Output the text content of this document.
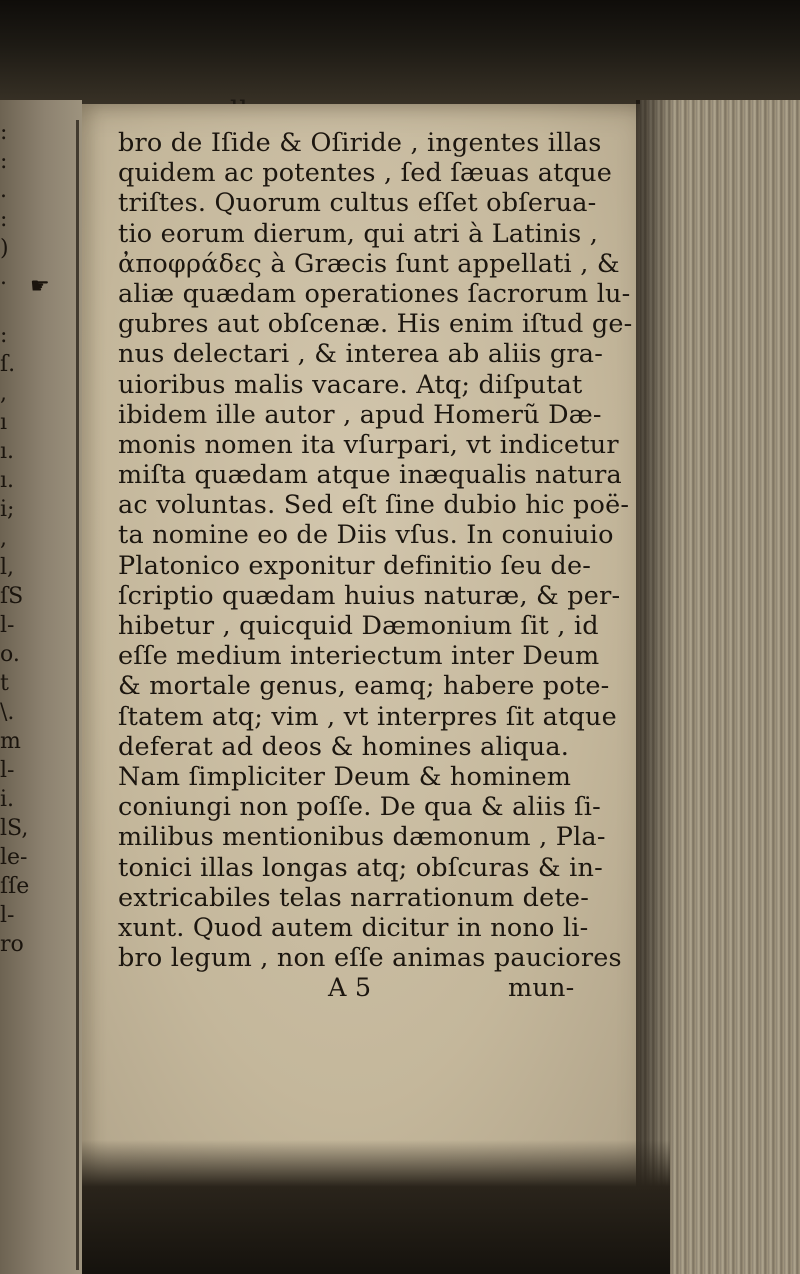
:
:
.
:
)
.
:
ſ.
,
ı
ı.
ı.
i;
,
l,
ſS
l-
o.
t
\.
m
l-
i.
lS,
le-
ſſe
l-
ro
☛
bro de Iſide & Oſiride , ingentes illas
quidem ac potentes , ſed ſæuas atque
triſtes. Quorum cultus eſſet obſerua-
tio eorum dierum, qui atri à Latinis ,
ἀποφράδες à Græcis ſunt appellati , &
aliæ quædam operationes ſacrorum lu-
gubres aut obſcenæ. His enim iſtud ge-
nus delectari , & interea ab aliis gra-
uioribus malis vacare. Atq; diſputat
ibidem ille autor , apud Homerũ Dæ-
monis nomen ita vſurpari, vt indicetur
miſta quædam atque inæqualis natura
ac voluntas. Sed eſt ſine dubio hic poë-
ta nomine eo de Diis vſus. In conuiuio
Platonico exponitur definitio ſeu de-
ſcriptio quædam huius naturæ, & per-
hibetur , quicquid Dæmonium ſit , id
eſſe medium interiectum inter Deum
& mortale genus, eamq; habere pote-
ſtatem atq; vim , vt interpres ſit atque
deferat ad deos & homines aliqua.
Nam ſimpliciter Deum & hominem
coniungi non poſſe. De qua & aliis ſi-
milibus mentionibus dæmonum , Pla-
tonici illas longas atq; obſcuras & in-
extricabiles telas narrationum dete-
xunt. Quod autem dicitur in nono li-
bro legum , non eſſe animas pauciores
A 5	mun-
